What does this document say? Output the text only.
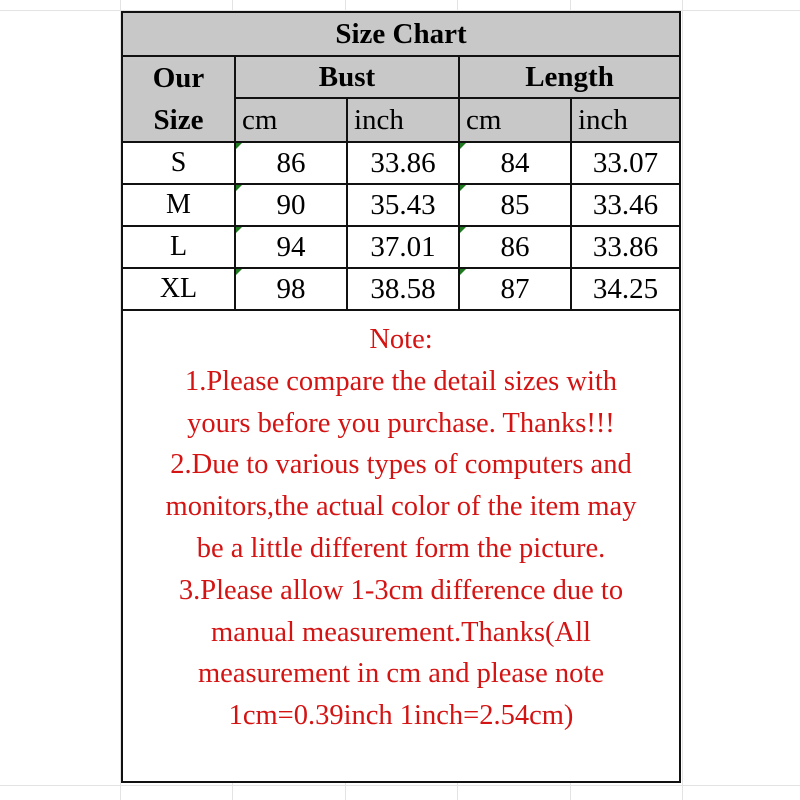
Size Chart				

Our
Size	Bust		Length	
	cm	inch	cm	inch
S	86	33.86	84	33.07
M	90	35.43	85	33.46
L	94	37.01	86	33.86
XL	98	38.58	87	34.25
Note:
1.Please compare the detail sizes with
yours before you purchase. Thanks!!!
2.Due to various types of computers and
monitors,the actual color of the item may
be a little different form the picture.
3.Please allow 1-3cm difference due to
manual measurement.Thanks(All
measurement in cm and please note
1cm=0.39inch 1inch=2.54cm)
